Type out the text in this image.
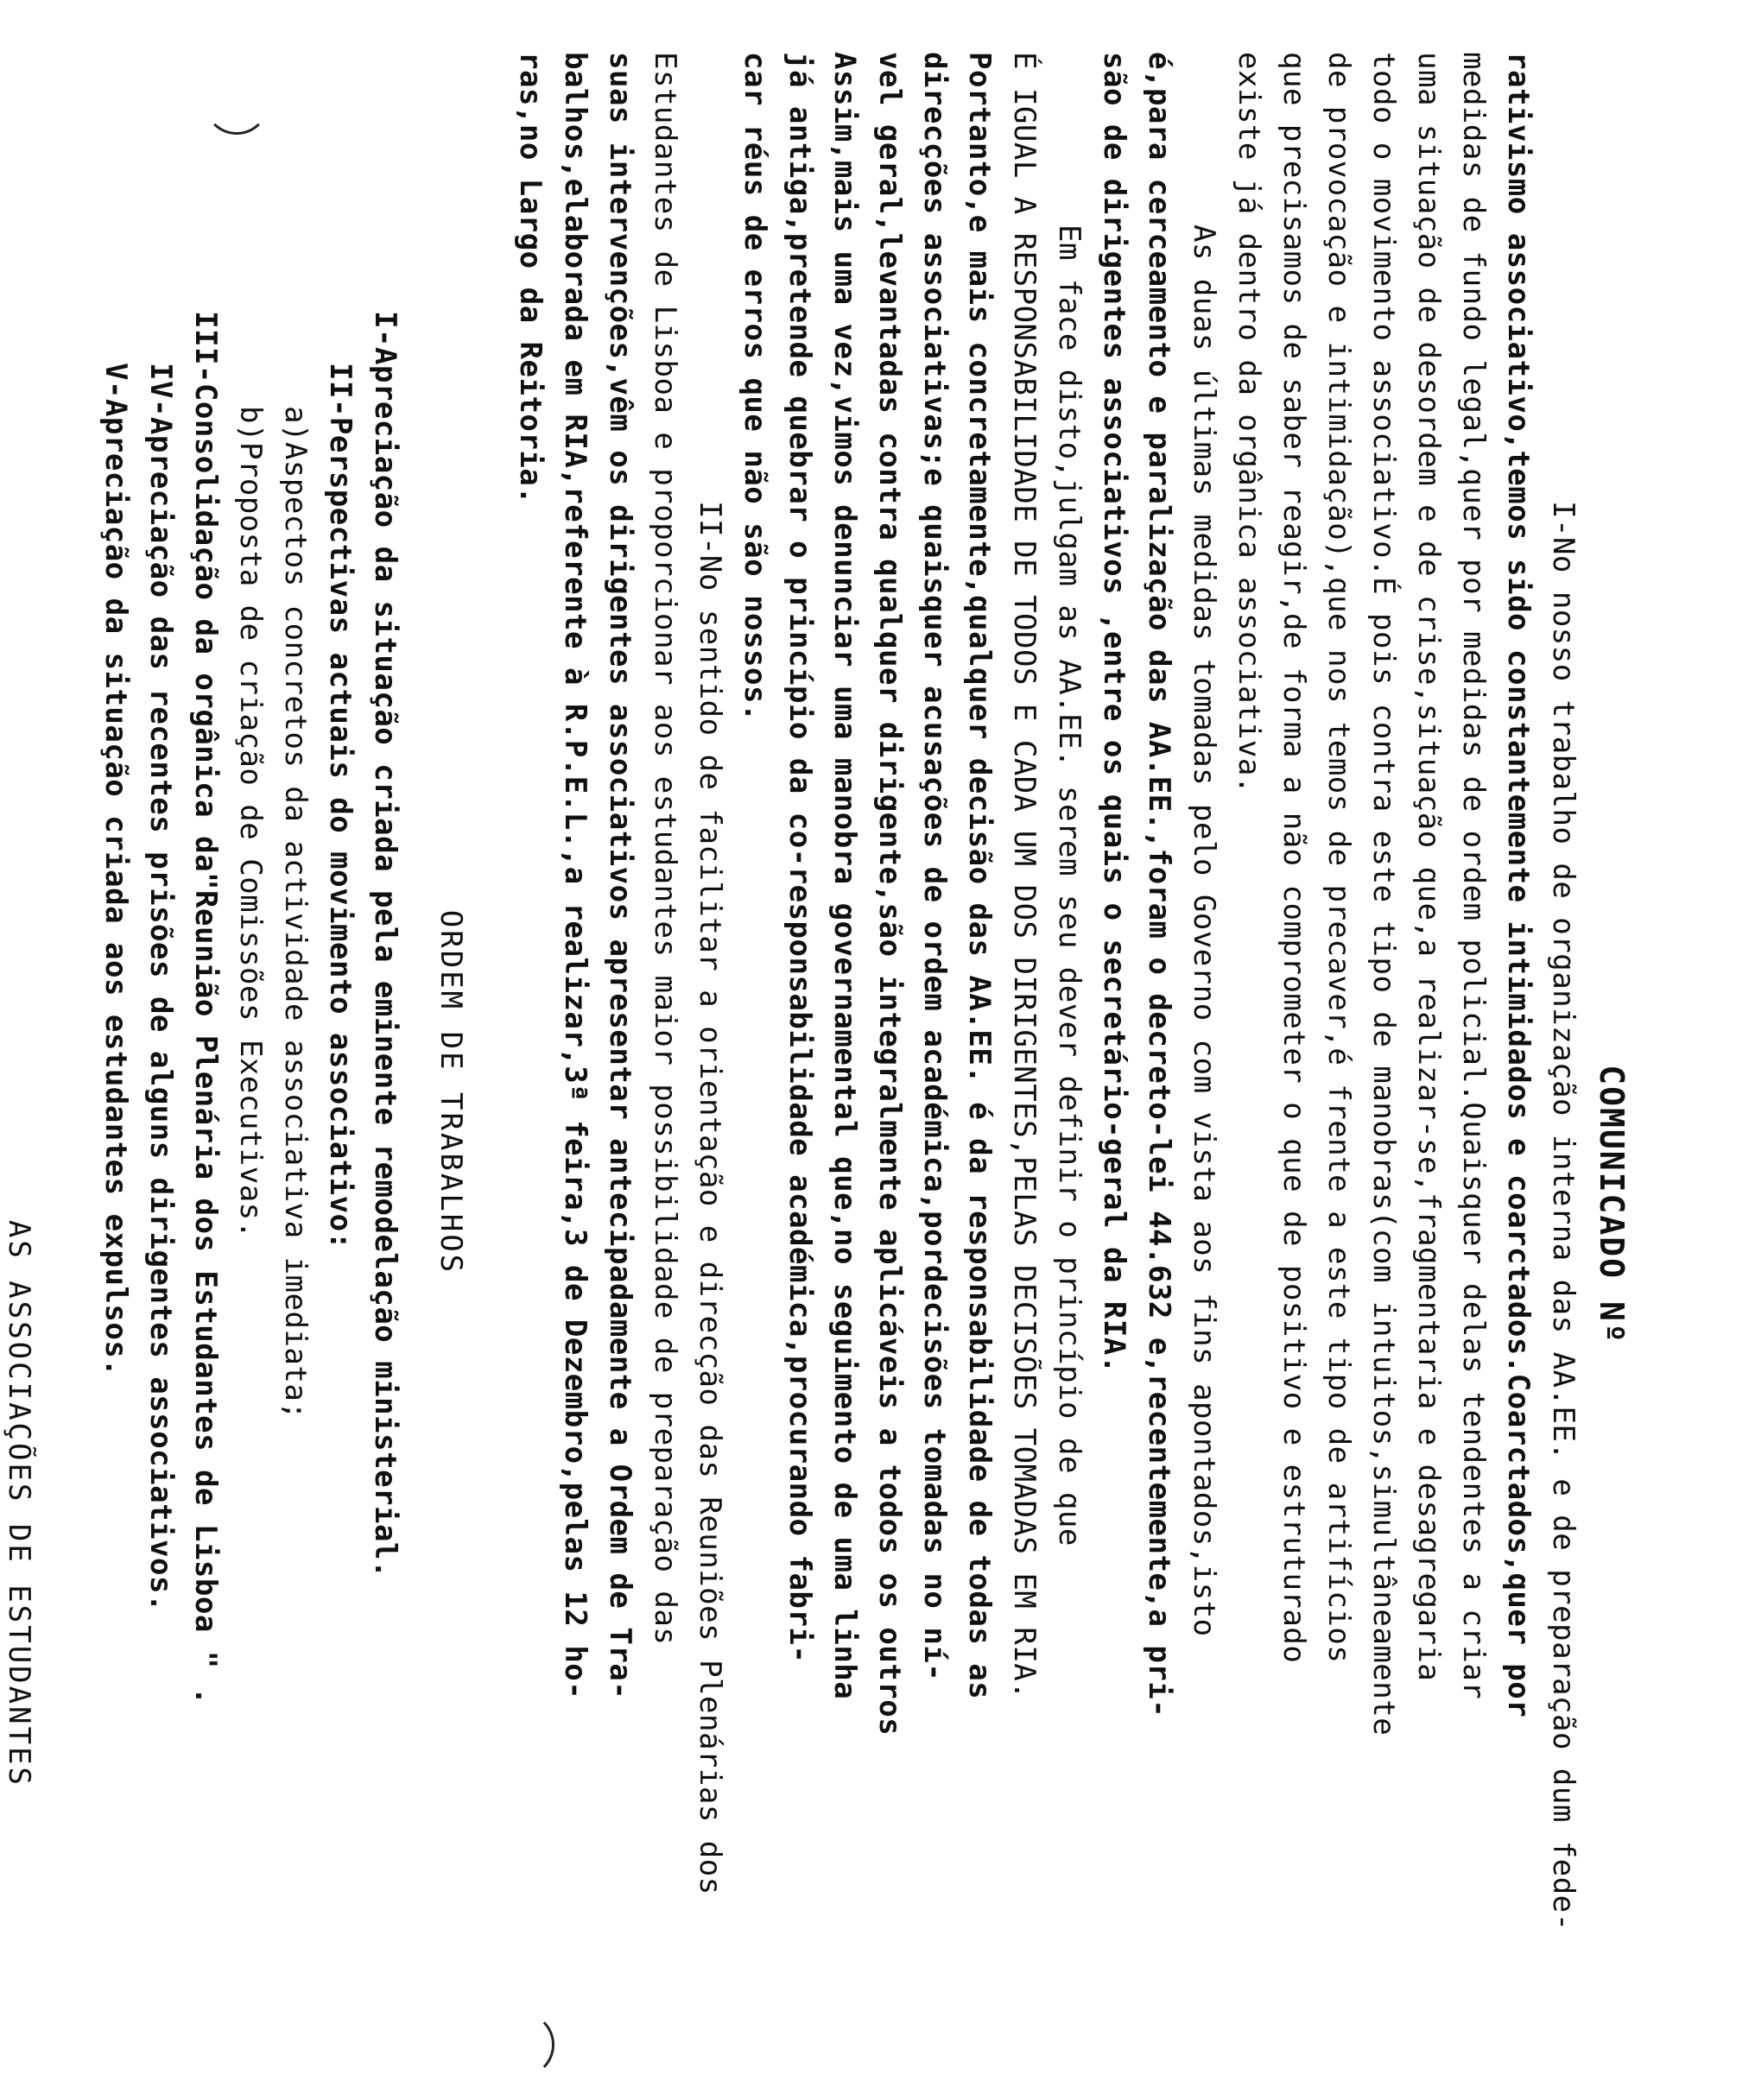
COMUNICADO Nº
I-No nosso trabalho de organização interna das AA.EE. e de preparação dum fede-
rativismo associativo,temos sido constantemente intimidados e coarctados.Coarctados,quer por
medidas de fundo legal,quer por medidas de ordem policial.Quaisquer delas tendentes a criar
uma situação de desordem e de crise,situação que,a realizar-se,fragmentaria e desagregaria
todo o movimento associativo.É pois contra este tipo de manobras(com intuitos,simultâneamente
de provocação e intimidação),que nos temos de precaver,é frente a este tipo de artifícios
que precisamos de saber reagir,de forma a não comprometer o que de positivo e estruturado
existe já dentro da orgânica associativa.
As duas últimas medidas tomadas pelo Governo com vista aos fins apontados,isto
é,para cerceamento e paralização das AA.EE.,foram o decreto-lei 44.632 e,recentemente,a pri-
são de dirigentes associativos ,entre os quais o secretário-geral da RIA.
Em face disto,julgam as AA.EE. serem seu dever definir o princípio de que
É IGUAL A RESPONSABILIDADE DE TODOS E CADA UM DOS DIRIGENTES,PELAS DECISÕES TOMADAS EM RIA.
Portanto,e mais concretamente,qualquer decisão das AA.EE. é da responsabilidade de todas as
direcções associativas;e quaisquer acusações de ordem académica,pordecisões tomadas no ní-
vel geral,levantadas contra qualquer dirigente,são integralmente aplicáveis a todos os outros
Assim,mais uma vez,vimos denunciar uma manobra governamental que,no seguimento de uma linha
já antiga,pretende quebrar o princípio da co-responsabilidade académica,procurando fabri-
car réus de erros que não são nossos.
II-No sentido de facilitar a orientação e direcção das Reuniões Plenárias dos
Estudantes de Lisboa e proporcionar aos estudantes maior possibilidade de preparação das
suas intervenções,vêm os dirigentes associativos apresentar antecipadamente a Ordem de Tra-
balhos,elaborada em RIA,referente à R.P.E.L.,a realizar,3ª feira,3 de Dezembro,pelas 12 ho-
ras,no Largo da Reitoria.
ORDEM DE TRABALHOS
I-Apreciação da situação criada pela eminente remodelação ministerial.
II-Perspectivas actuais do movimento associativo:
a)Aspectos concretos da actividade associativa imediata;
b)Proposta de criação de Comissões Executivas.
III-Consolidação da orgânica da"Reunião Plenária dos Estudantes de Lisboa " .
IV-Apreciação das recentes prisões de alguns dirigentes associativos.
V-Apreciação da situação criada aos estudantes expulsos.
AS ASSOCIAÇÕES DE ESTUDANTES
